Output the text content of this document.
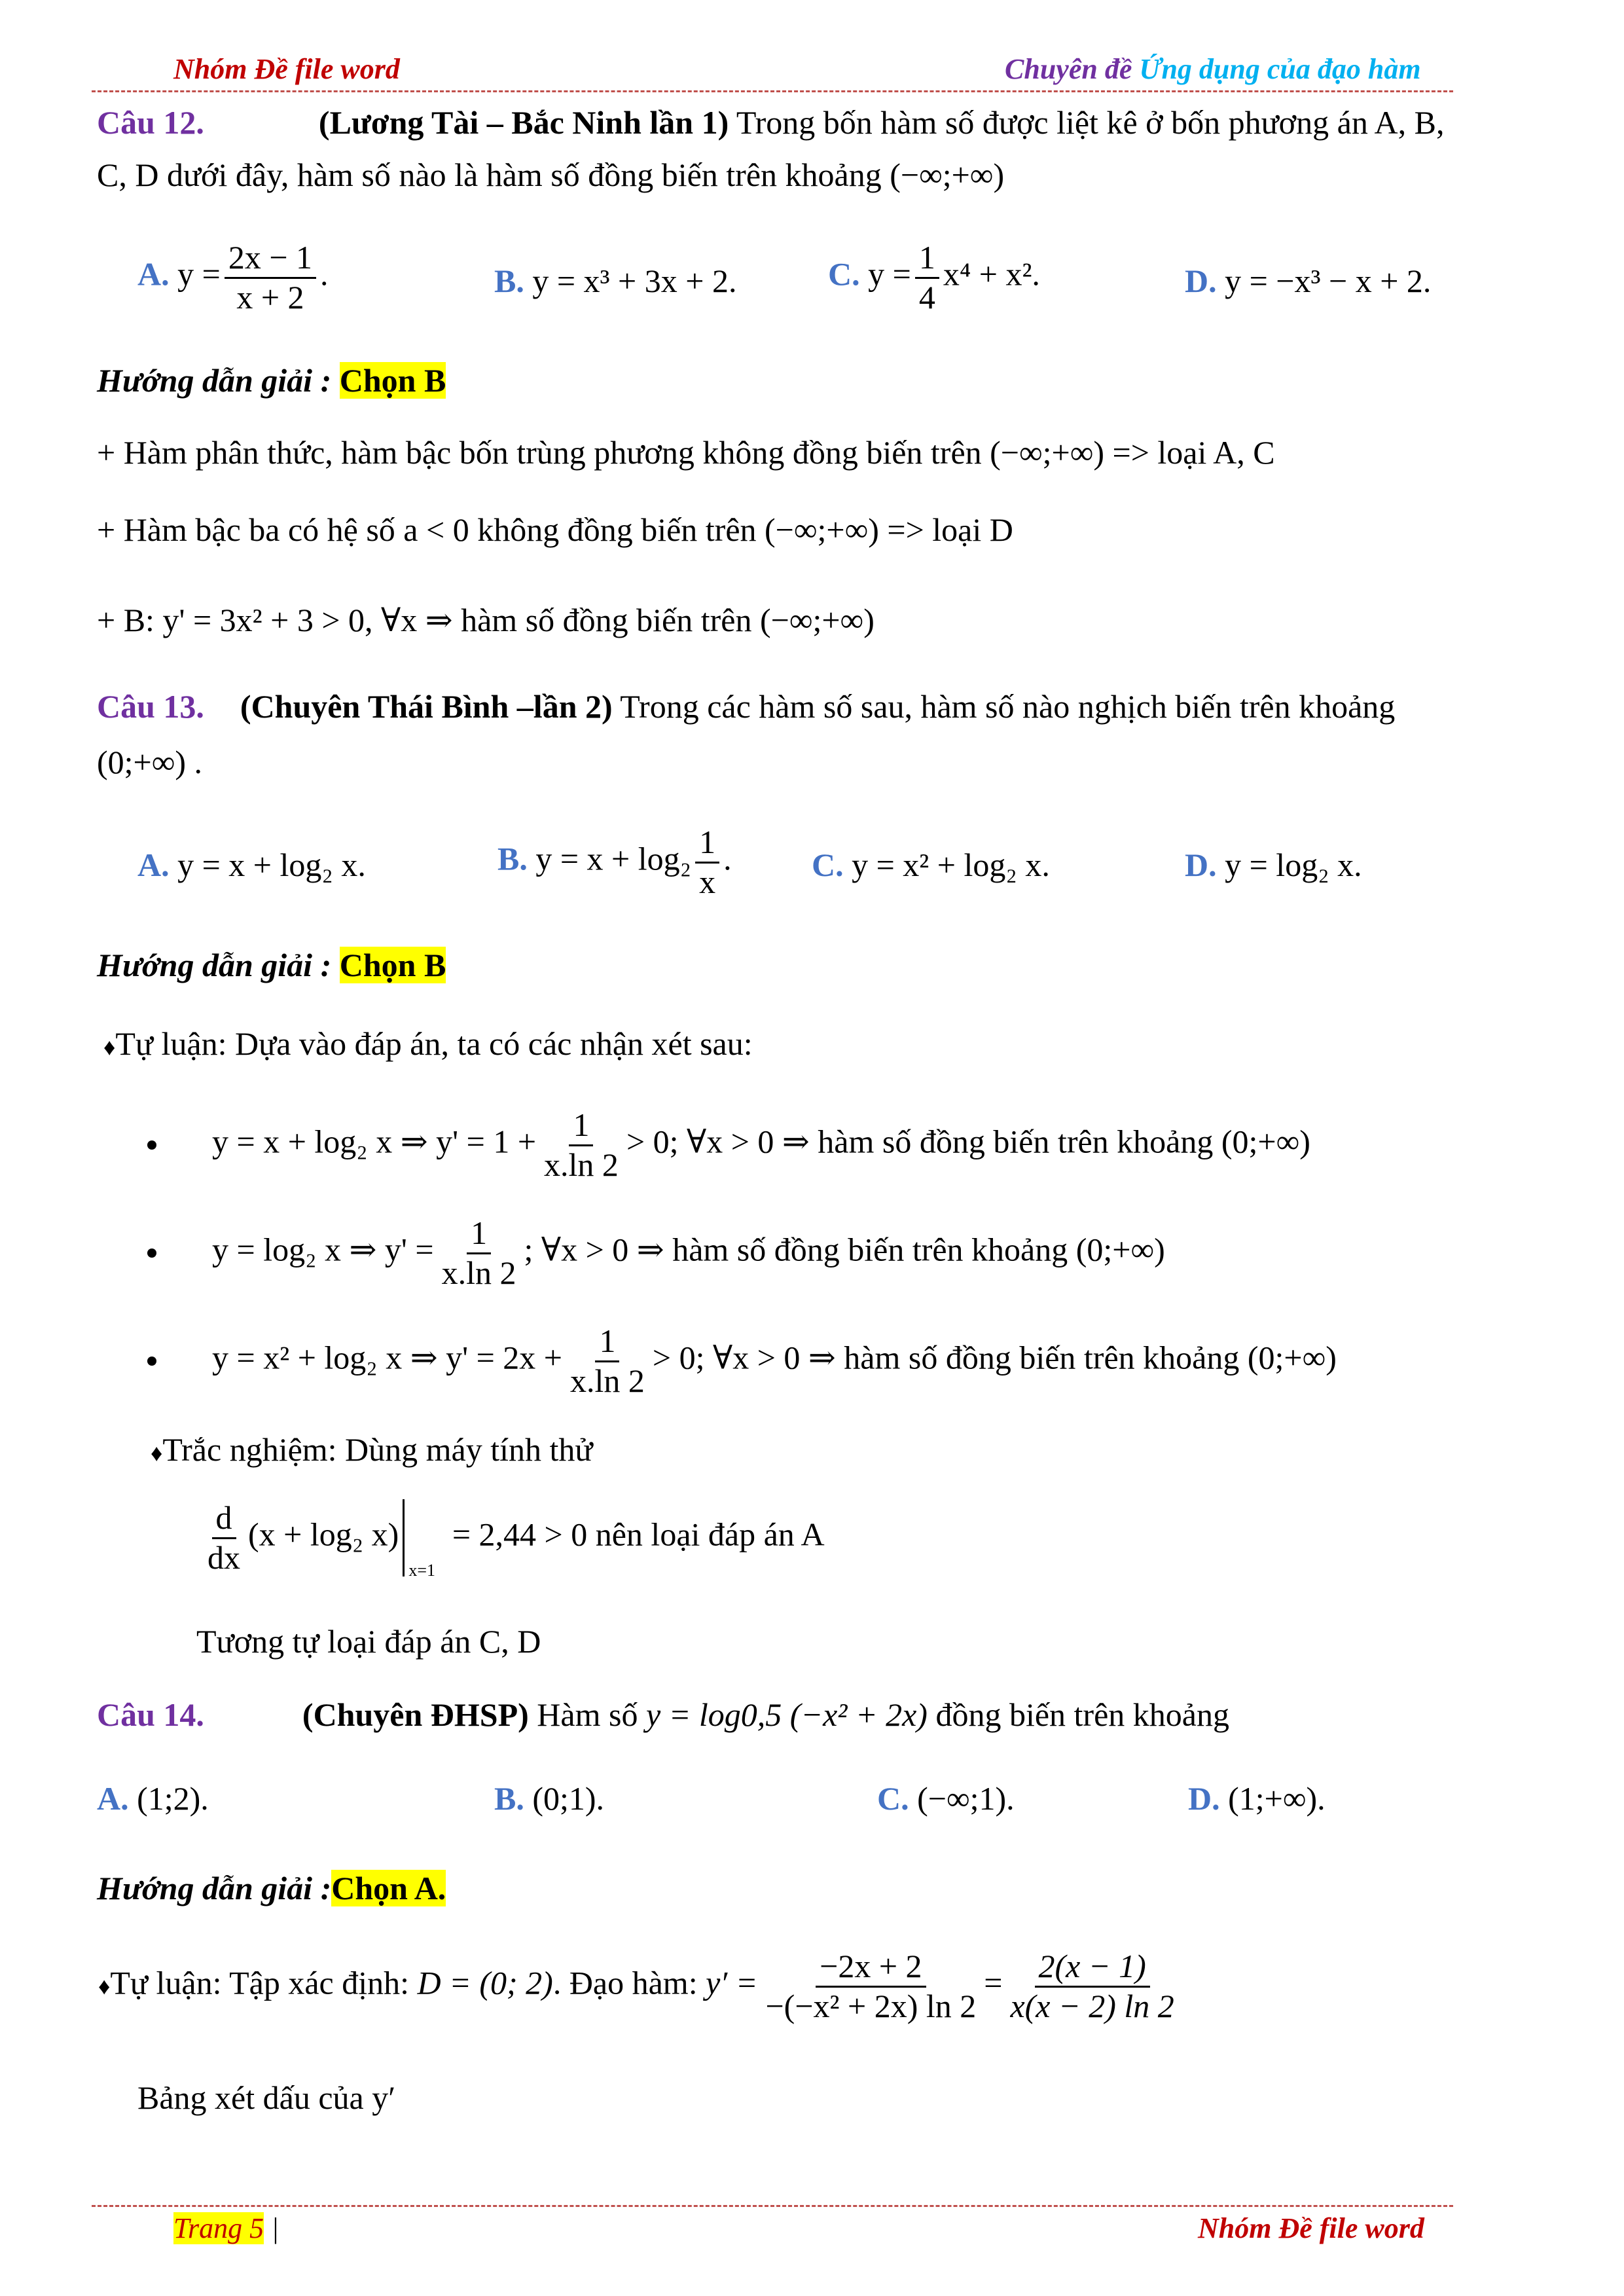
Nhóm Đề file word	Chuyên đề Ứng dụng của đạo hàm
Câu 12.	(Lương Tài – Bắc Ninh lần 1) Trong bốn hàm số được liệt kê ở bốn phương án A, B,
C, D dưới đây, hàm số nào là hàm số đồng biến trên khoảng (−∞;+∞)
A. $y = \frac{2x - 1}{x + 2}$ .	B. y = x³ + 3x + 2.	C. $y = \frac{1}{4} x^4 + x^2$.	D. y = −x³ − x + 2.
Hướng dẫn giải : Chọn B
+ Hàm phân thức, hàm bậc bốn trùng phương không đồng biến trên (−∞;+∞) => loại A, C
+ Hàm bậc ba có hệ số a < 0 không đồng biến trên (−∞;+∞) => loại D
+ B: y' = 3x² + 3 > 0, ∀x ⇒ hàm số đồng biến trên (−∞;+∞)
Câu 13. (Chuyên Thái Bình –lần 2) Trong các hàm số sau, hàm số nào nghịch biến trên khoảng
(0;+∞) .
A. y = x + log₂ x.	B. $y = x + \log_2 \frac{1}{x}$ . C. y = x² + log₂ x.	D. y = log₂ x.
Hướng dẫn giải : Chọn B
♦Tự luận: Dựa vào đáp án, ta có các nhận xét sau:
y = x + log₂ x ⇒ $y' = 1 + \frac{1}{x.\ln 2} > 0$; ∀x > 0 ⇒ hàm số đồng biến trên khoảng (0;+∞)
y = log₂ x ⇒ $y' = \frac{1}{x.\ln 2}$ ; ∀x > 0 ⇒ hàm số đồng biến trên khoảng (0;+∞)
y = x² + log₂ x ⇒ $y' = 2x + \frac{1}{x.\ln 2} > 0$; ∀x > 0 ⇒ hàm số đồng biến trên khoảng (0;+∞)
♦Trắc nghiệm: Dùng máy tính thử
$\frac{d}{dx} (x + \log_2$ x)
x=1
= 2,44 > 0 nên loại đáp án A
Tương tự loại đáp án C, D
Câu 14.	(Chuyên ĐHSP) Hàm số y = log0,5 (−x² + 2x) đồng biến trên khoảng
A. (1;2).	B. (0;1).	C. (−∞;1).	D. (1;+∞).
Hướng dẫn giải :Chọn A.
♦Tự luận: Tập xác định: D = (0; 2). Đạo hàm: $y' = \frac{-2x + 2}{\text{−(−x² + 2x) ln 2}} = \frac{2(x - 1)}{x(x - 2) \ln 2}$
Bảng xét dấu của y′
Trang 5 |	Nhóm Đề file word
